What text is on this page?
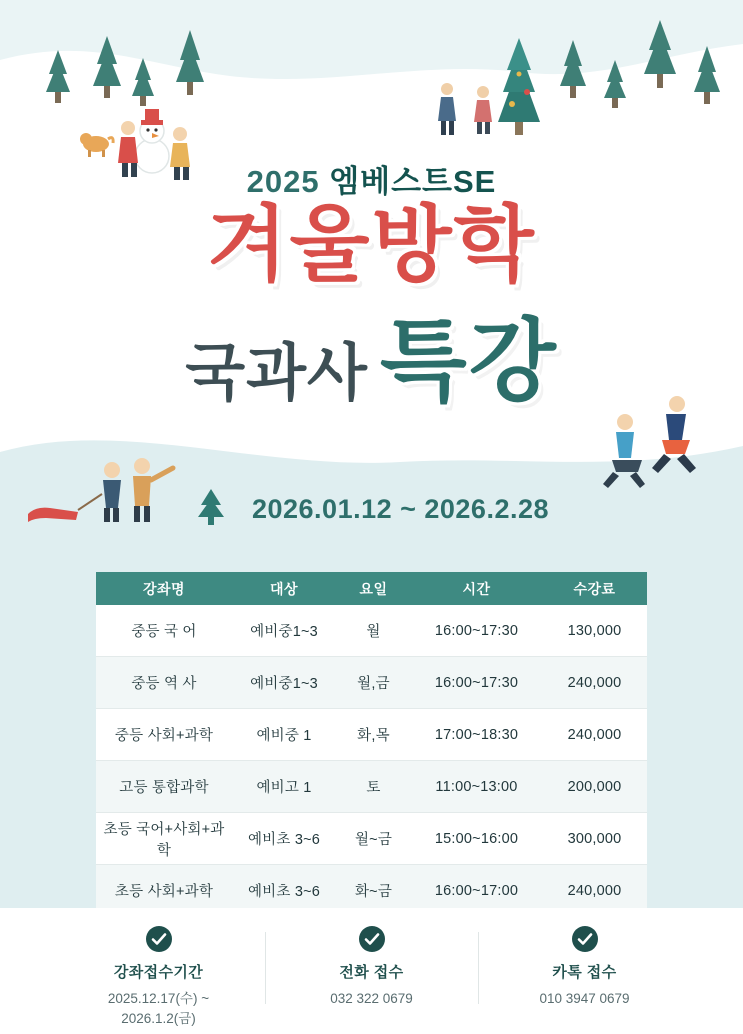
2025 엠베스트SE
겨울방학
국과사 특강
2026.01.12 ~ 2026.2.28
강좌명	대상	요일	시간	수강료
중등 국 어	예비중1~3	월	16:00~17:30	130,000
중등 역 사	예비중1~3	월,금	16:00~17:30	240,000
중등 사회+과학	예비중 1	화,목	17:00~18:30	240,000
고등 통합과학	예비고 1	토	11:00~13:00	200,000
초등 국어+사회+과학	예비초 3~6	월~금	15:00~16:00	300,000
초등 사회+과학	예비초 3~6	화~금	16:00~17:00	240,000
강좌접수기간
2025.12.17(수) ~
2026.1.2(금)
전화 접수
032 322 0679
카톡 접수
010 3947 0679
